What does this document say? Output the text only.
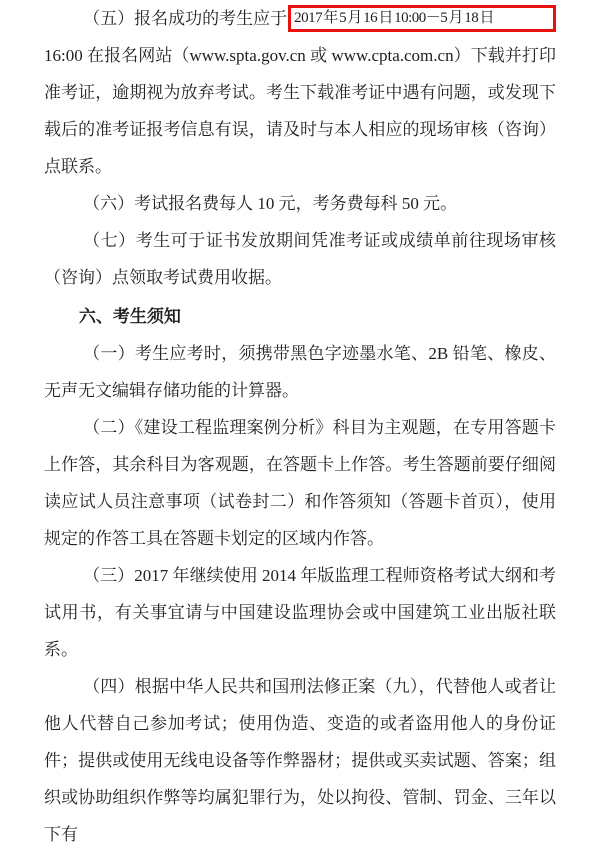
（五）报名成功的考生应于 2017 年 5 月 16 日 10:00－5 月 18 日

16:00 在报名网站（www.spta.gov.cn 或 www.cpta.com.cn）下载并打印准考证，逾期视为放弃考试。考生下载准考证中遇有问题，或发现下载后的准考证报考信息有误，请及时与本人相应的现场审核（咨询）点联系。

（六）考试报名费每人 10 元，考务费每科 50 元。

（七）考生可于证书发放期间凭准考证或成绩单前往现场审核（咨询）点领取考试费用收据。

六、考生须知

（一）考生应考时，须携带黑色字迹墨水笔、2B 铅笔、橡皮、无声无文编辑存储功能的计算器。

（二）《建设工程监理案例分析》科目为主观题，在专用答题卡上作答，其余科目为客观题，在答题卡上作答。考生答题前要仔细阅读应试人员注意事项（试卷封二）和作答须知（答题卡首页），使用规定的作答工具在答题卡划定的区域内作答。

（三）2017 年继续使用 2014 年版监理工程师资格考试大纲和考试用书，有关事宜请与中国建设监理协会或中国建筑工业出版社联系。

（四）根据中华人民共和国刑法修正案（九），代替他人或者让他人代替自己参加考试；使用伪造、变造的或者盗用他人的身份证件；提供或使用无线电设备等作弊器材；提供或买卖试题、答案；组织或协助组织作弊等均属犯罪行为，处以拘役、管制、罚金、三年以下有
